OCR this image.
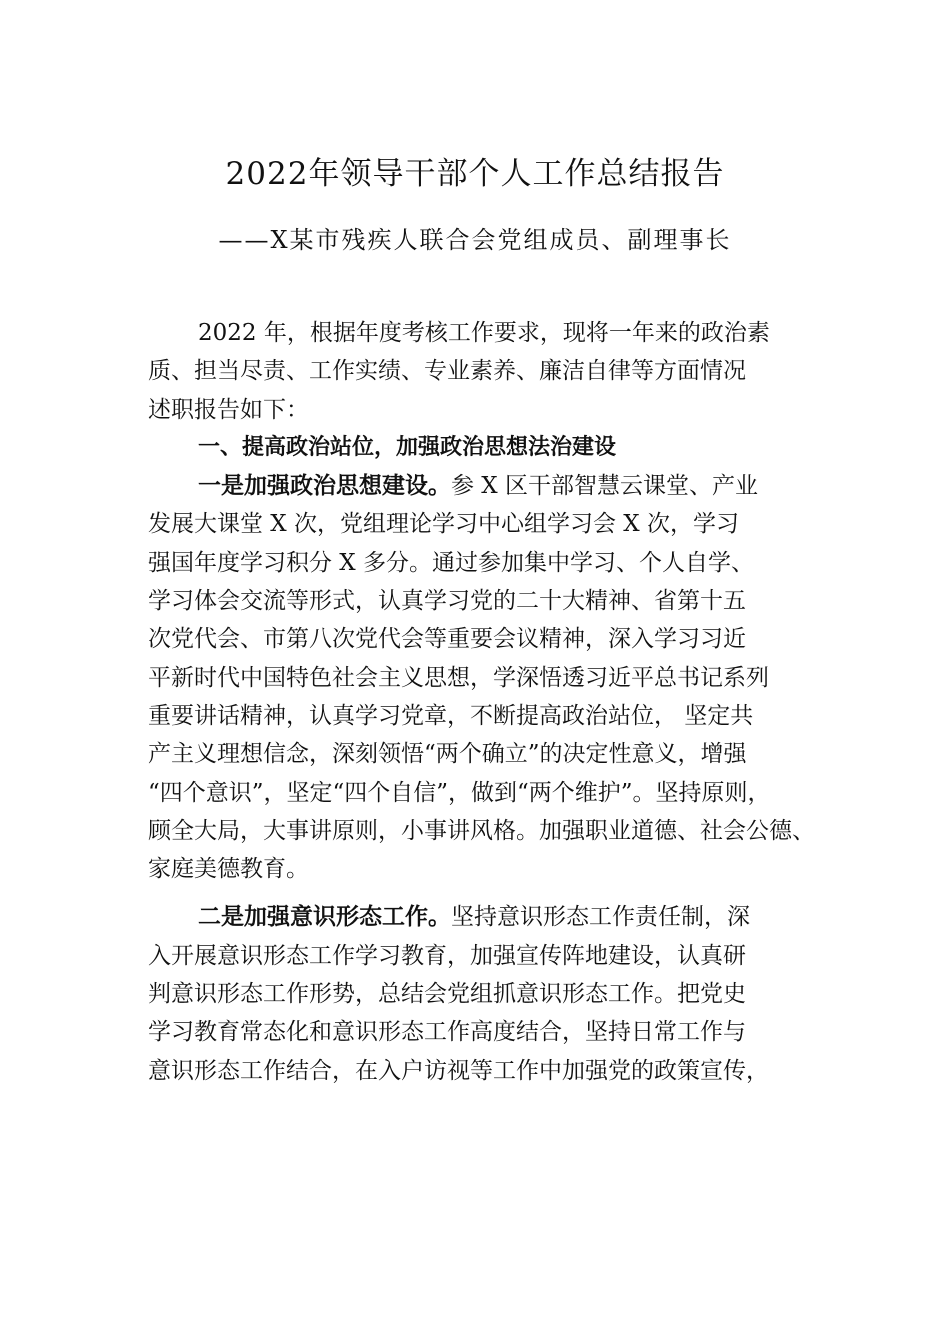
2022年领导干部个人工作总结报告
——X某市残疾人联合会党组成员、副理事长
2022 年，根据年度考核工作要求，现将一年来的政治素
质、担当尽责、工作实绩、专业素养、廉洁自律等方面情况
述职报告如下：
一、提高政治站位，加强政治思想法治建设
一是加强政治思想建设。参 X 区干部智慧云课堂、产业
发展大课堂 X 次，党组理论学习中心组学习会 X 次，学习
强国年度学习积分 X 多分。通过参加集中学习、个人自学、
学习体会交流等形式，认真学习党的二十大精神、省第十五
次党代会、市第八次党代会等重要会议精神，深入学习习近
平新时代中国特色社会主义思想，学深悟透习近平总书记系列
重要讲话精神，认真学习党章，不断提高政治站位， 坚定共
产主义理想信念，深刻领悟“两个确立”的决定性意义，增强
“四个意识”，坚定“四个自信”，做到“两个维护”。坚持原则，
顾全大局，大事讲原则，小事讲风格。加强职业道德、社会公德、
家庭美德教育。
二是加强意识形态工作。坚持意识形态工作责任制，深
入开展意识形态工作学习教育，加强宣传阵地建设，认真研
判意识形态工作形势，总结会党组抓意识形态工作。把党史
学习教育常态化和意识形态工作高度结合，坚持日常工作与
意识形态工作结合，在入户访视等工作中加强党的政策宣传，
